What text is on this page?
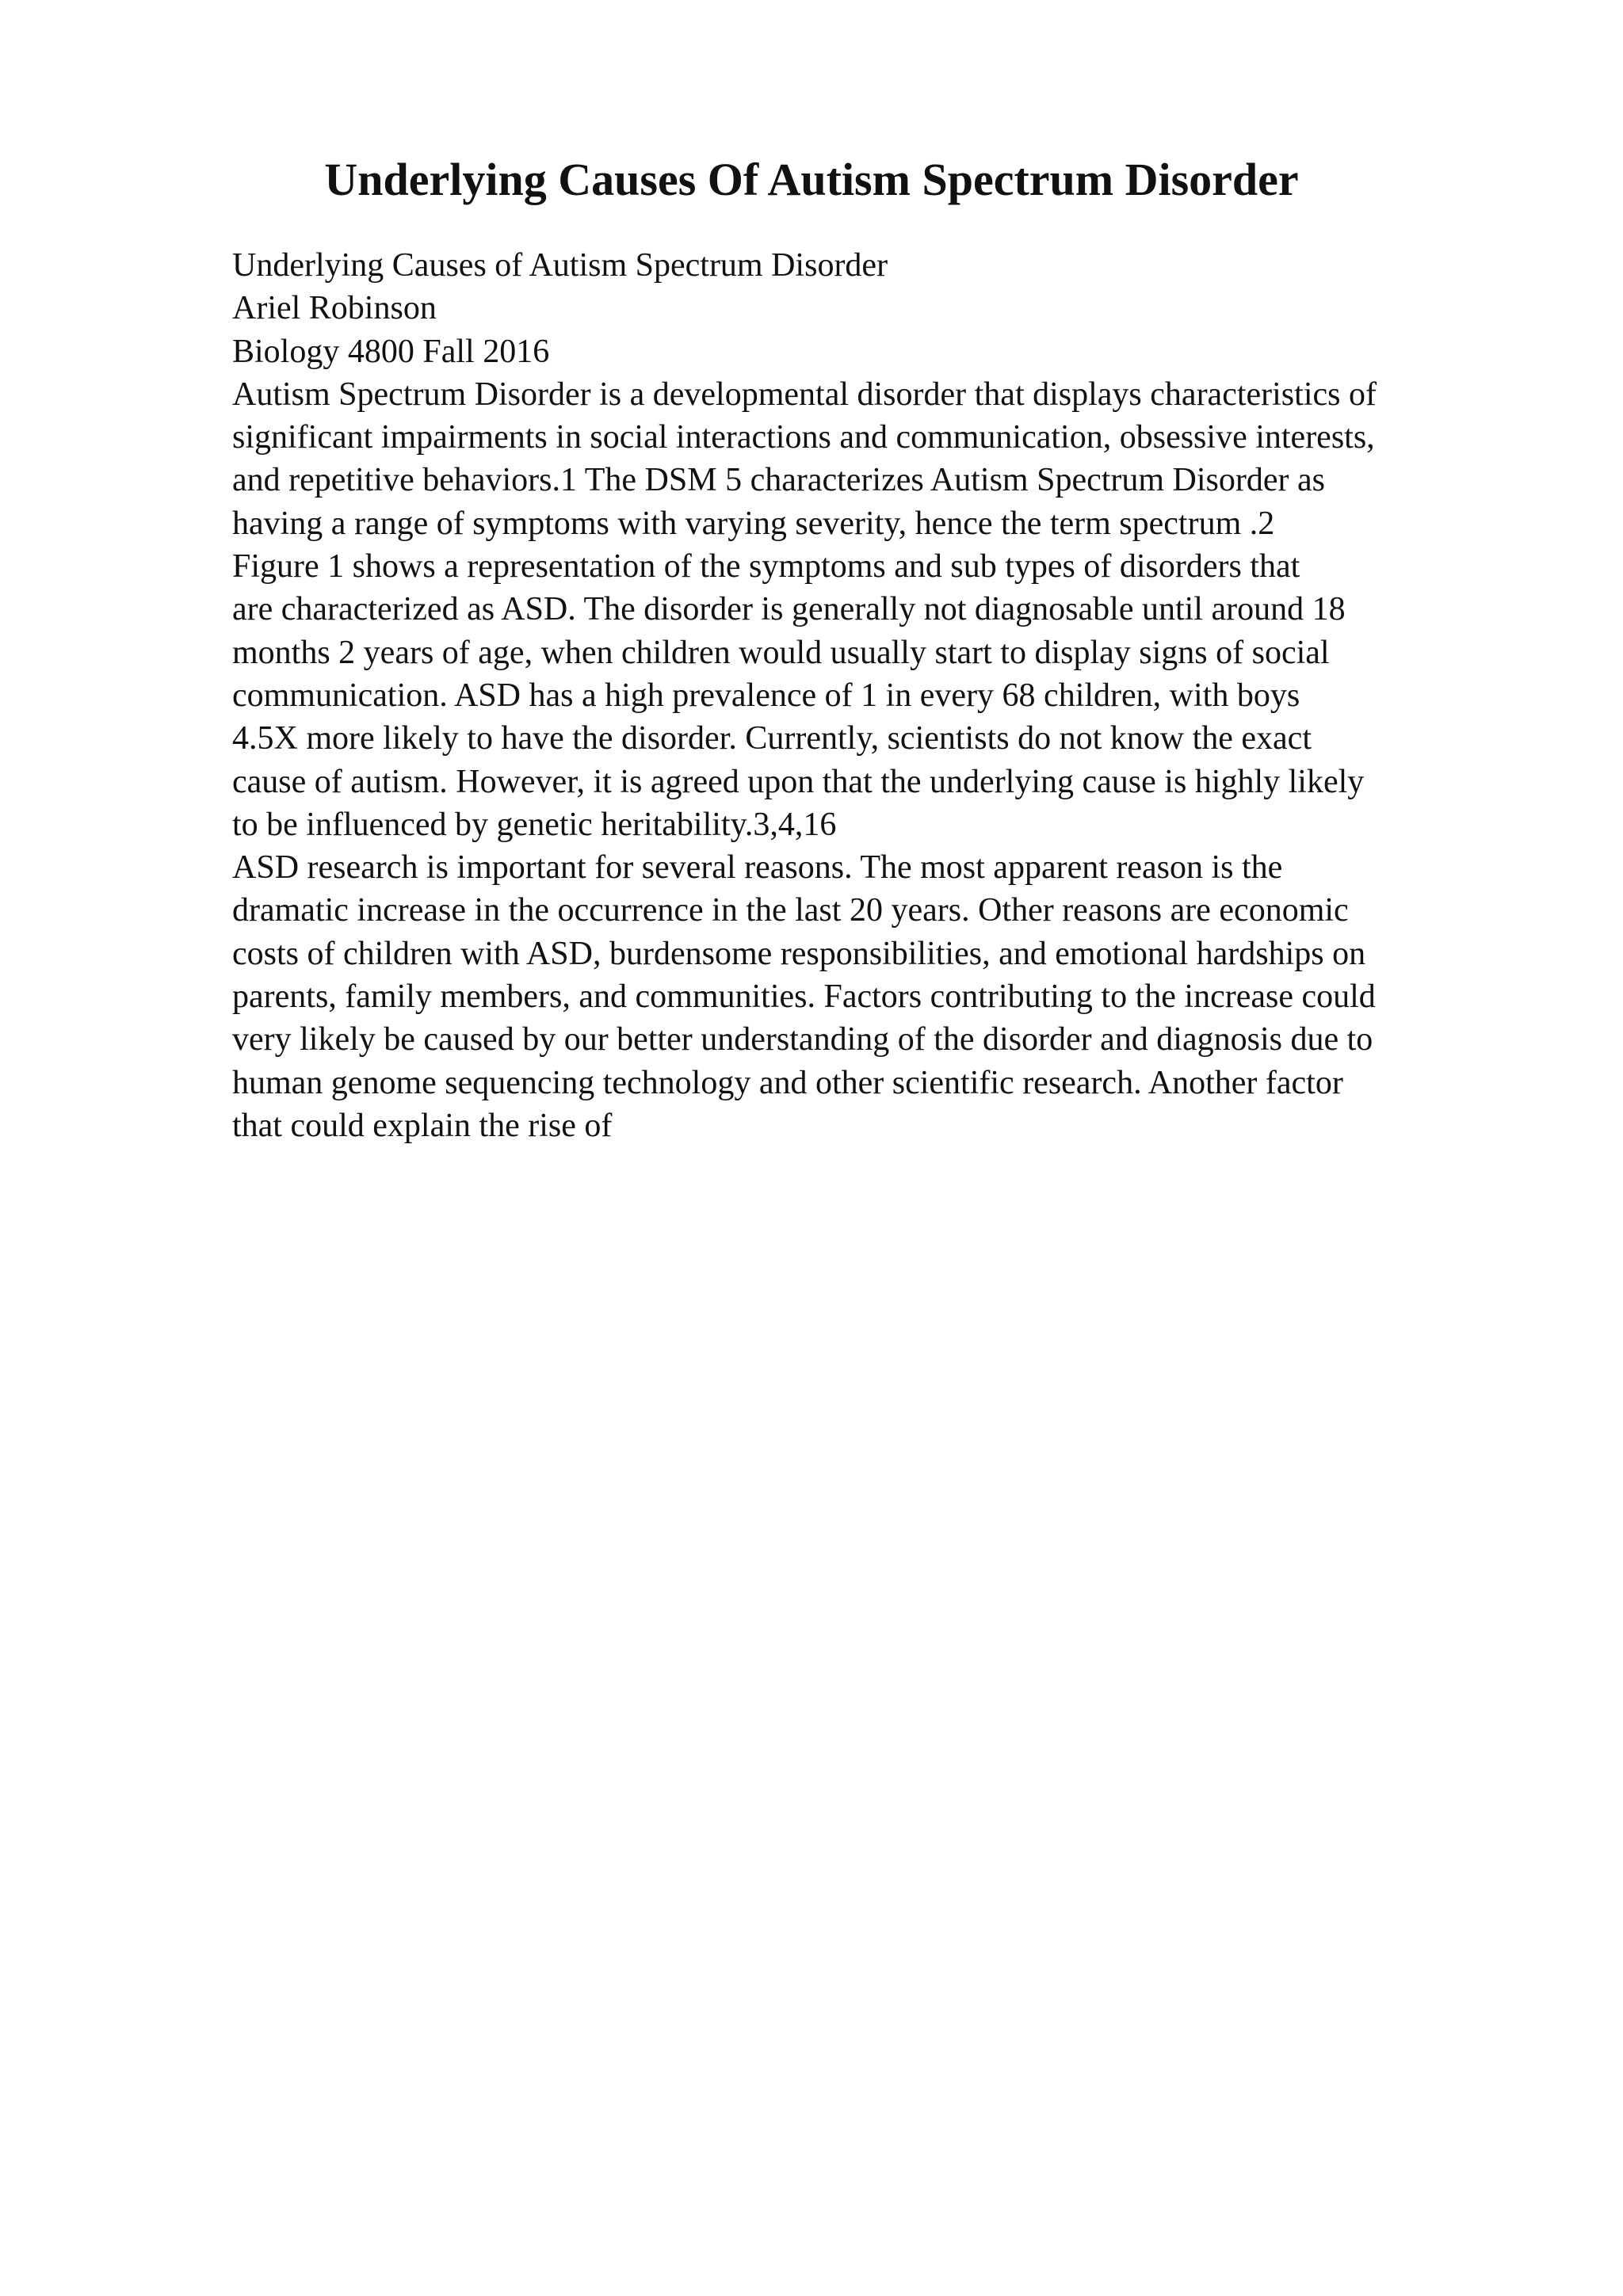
Underlying Causes Of Autism Spectrum Disorder
Underlying Causes of Autism Spectrum Disorder
Ariel Robinson
Biology 4800 Fall 2016
Autism Spectrum Disorder is a developmental disorder that displays characteristics of
significant impairments in social interactions and communication, obsessive interests,
and repetitive behaviors.1 The DSM 5 characterizes Autism Spectrum Disorder as
having a range of symptoms with varying severity, hence the term spectrum .2
Figure 1 shows a representation of the symptoms and sub types of disorders that
are characterized as ASD. The disorder is generally not diagnosable until around 18
months 2 years of age, when children would usually start to display signs of social
communication. ASD has a high prevalence of 1 in every 68 children, with boys
4.5X more likely to have the disorder. Currently, scientists do not know the exact
cause of autism. However, it is agreed upon that the underlying cause is highly likely
to be influenced by genetic heritability.3,4,16
ASD research is important for several reasons. The most apparent reason is the
dramatic increase in the occurrence in the last 20 years. Other reasons are economic
costs of children with ASD, burdensome responsibilities, and emotional hardships on
parents, family members, and communities. Factors contributing to the increase could
very likely be caused by our better understanding of the disorder and diagnosis due to
human genome sequencing technology and other scientific research. Another factor
that could explain the rise of
